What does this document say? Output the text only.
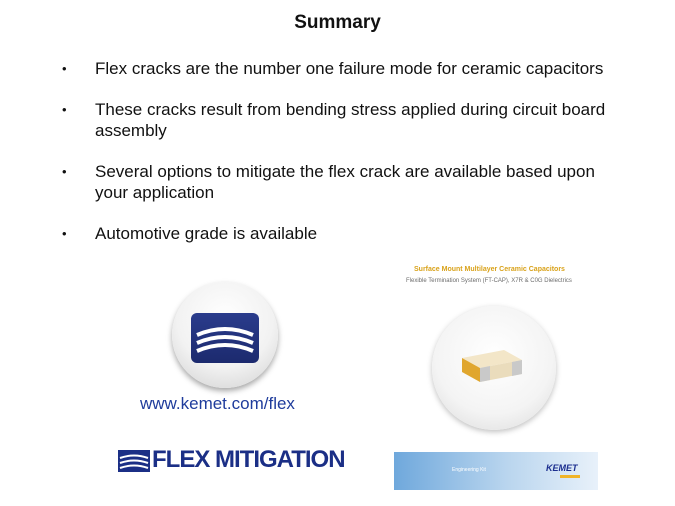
Summary
• Flex cracks are the number one failure mode for ceramic capacitors
• These cracks result from bending stress applied during circuit board assembly
• Several options to mitigate the flex crack are available based upon your application
• Automotive grade is available
www.kemet.com/flex
FLEX MITIGATION
Surface Mount Multilayer Ceramic Capacitors
Flexible Termination System (FT-CAP), X7R & C0G Dielectrics
Engineering Kit	KEMET
